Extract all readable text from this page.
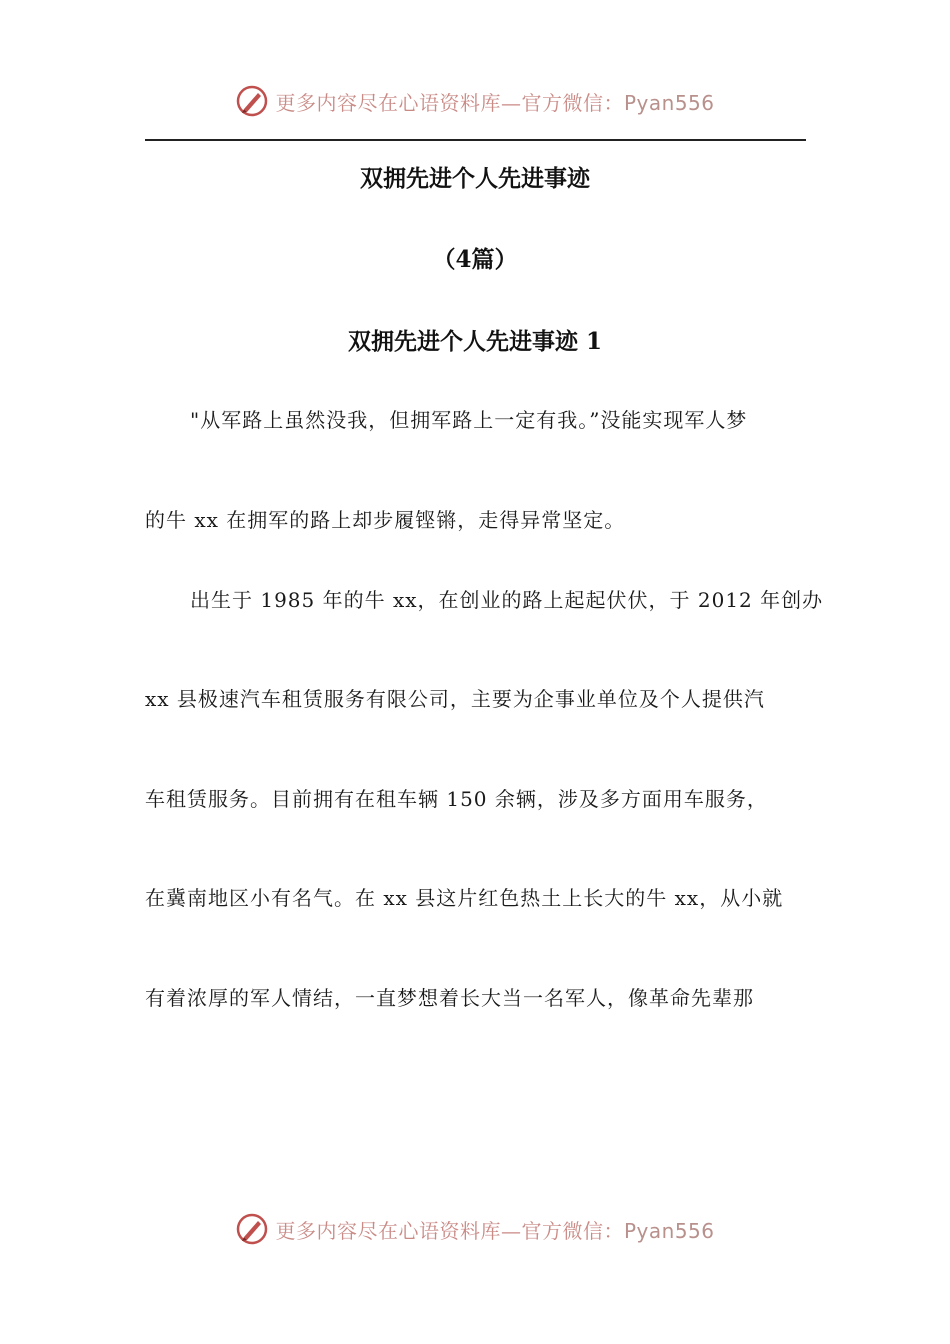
更多内容尽在心语资料库—官方微信：Pyan556
双拥先进个人先进事迹
（4篇）
双拥先进个人先进事迹 1
"从军路上虽然没我，但拥军路上一定有我。”没能实现军人梦
的牛 xx 在拥军的路上却步履铿锵，走得异常坚定。
出生于 1985 年的牛 xx，在创业的路上起起伏伏，于 2012 年创办
xx 县极速汽车租赁服务有限公司，主要为企事业单位及个人提供汽
车租赁服务。目前拥有在租车辆 150 余辆，涉及多方面用车服务，
在冀南地区小有名气。在 xx 县这片红色热土上长大的牛 xx，从小就
有着浓厚的军人情结，一直梦想着长大当一名军人，像革命先辈那
更多内容尽在心语资料库—官方微信：Pyan556
